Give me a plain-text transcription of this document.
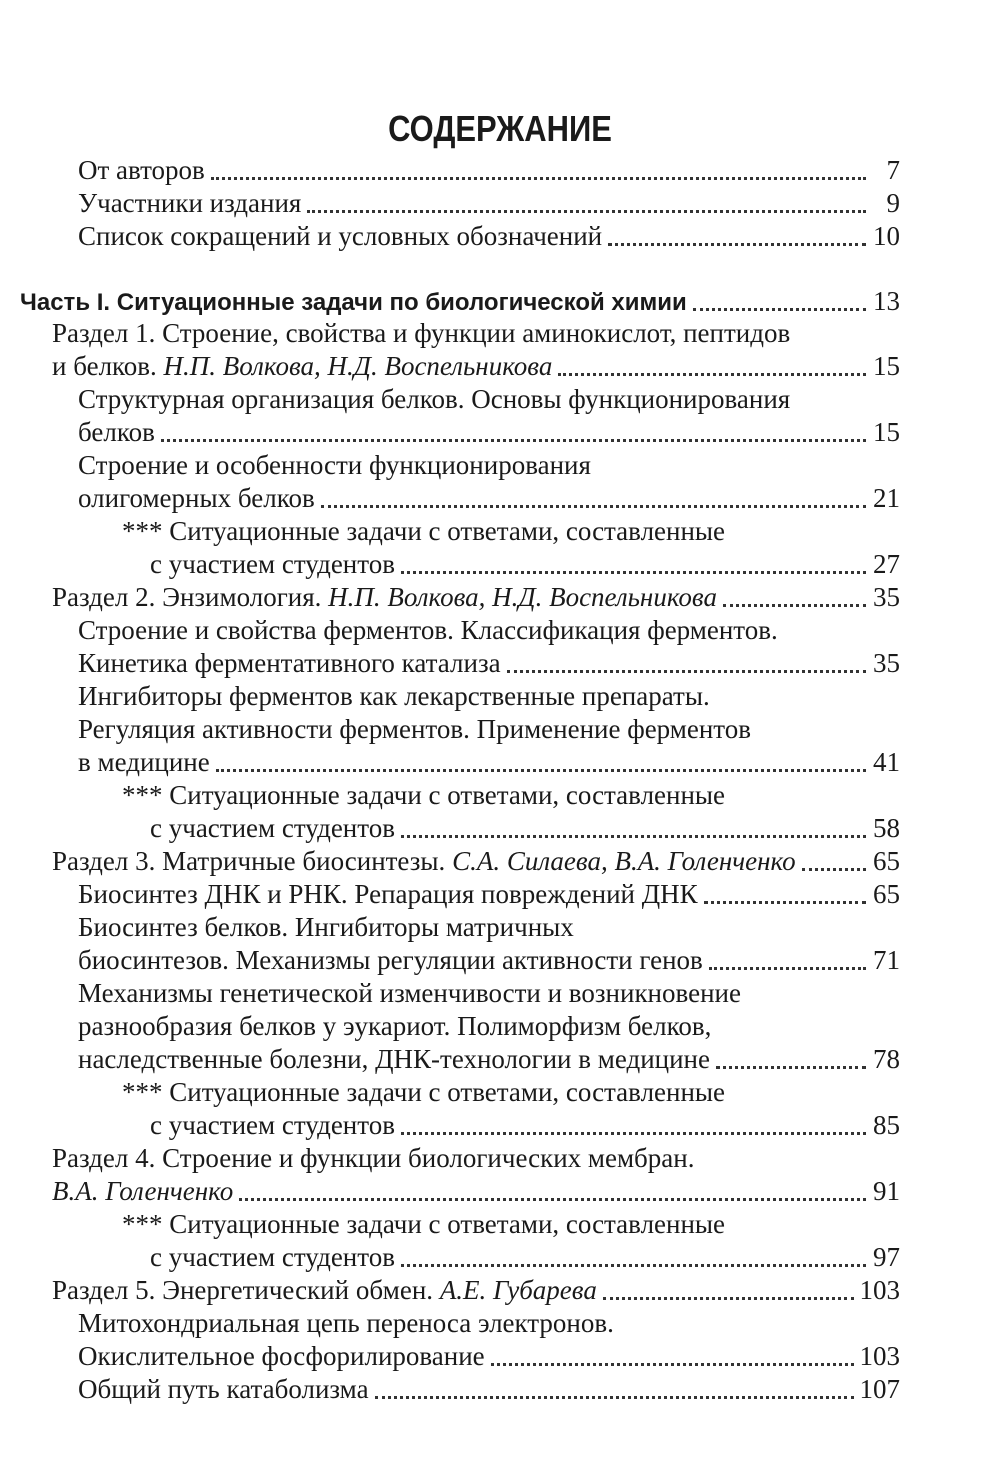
СОДЕРЖАНИЕ
От авторов	7
Участники издания	9
Список сокращений и условных обозначений	10
Часть I. Ситуационные задачи по биологической химии	13
Раздел 1. Строение, свойства и функции аминокислот, пептидов
и белков. Н.П. Волкова, Н.Д. Воспельникова	15
Структурная организация белков. Основы функционирования
белков	15
Строение и особенности функционирования
олигомерных белков	21
*** Ситуационные задачи с ответами, составленные
с участием студентов	27
Раздел 2. Энзимология. Н.П. Волкова, Н.Д. Воспельникова	35
Строение и свойства ферментов. Классификация ферментов.
Кинетика ферментативного катализа	35
Ингибиторы ферментов как лекарственные препараты.
Регуляция активности ферментов. Применение ферментов
в медицине	41
*** Ситуационные задачи с ответами, составленные
с участием студентов	58
Раздел 3. Матричные биосинтезы. С.А. Силаева, В.А. Голенченко	65
Биосинтез ДНК и РНК. Репарация повреждений ДНК	65
Биосинтез белков. Ингибиторы матричных
биосинтезов. Механизмы регуляции активности генов	71
Механизмы генетической изменчивости и возникновение
разнообразия белков у эукариот. Полиморфизм белков,
наследственные болезни, ДНК-технологии в медицине	78
*** Ситуационные задачи с ответами, составленные
с участием студентов	85
Раздел 4. Строение и функции биологических мембран.
В.А. Голенченко	91
*** Ситуационные задачи с ответами, составленные
с участием студентов	97
Раздел 5. Энергетический обмен. А.Е. Губарева	103
Митохондриальная цепь переноса электронов.
Окислительное фосфорилирование	103
Общий путь катаболизма	107
